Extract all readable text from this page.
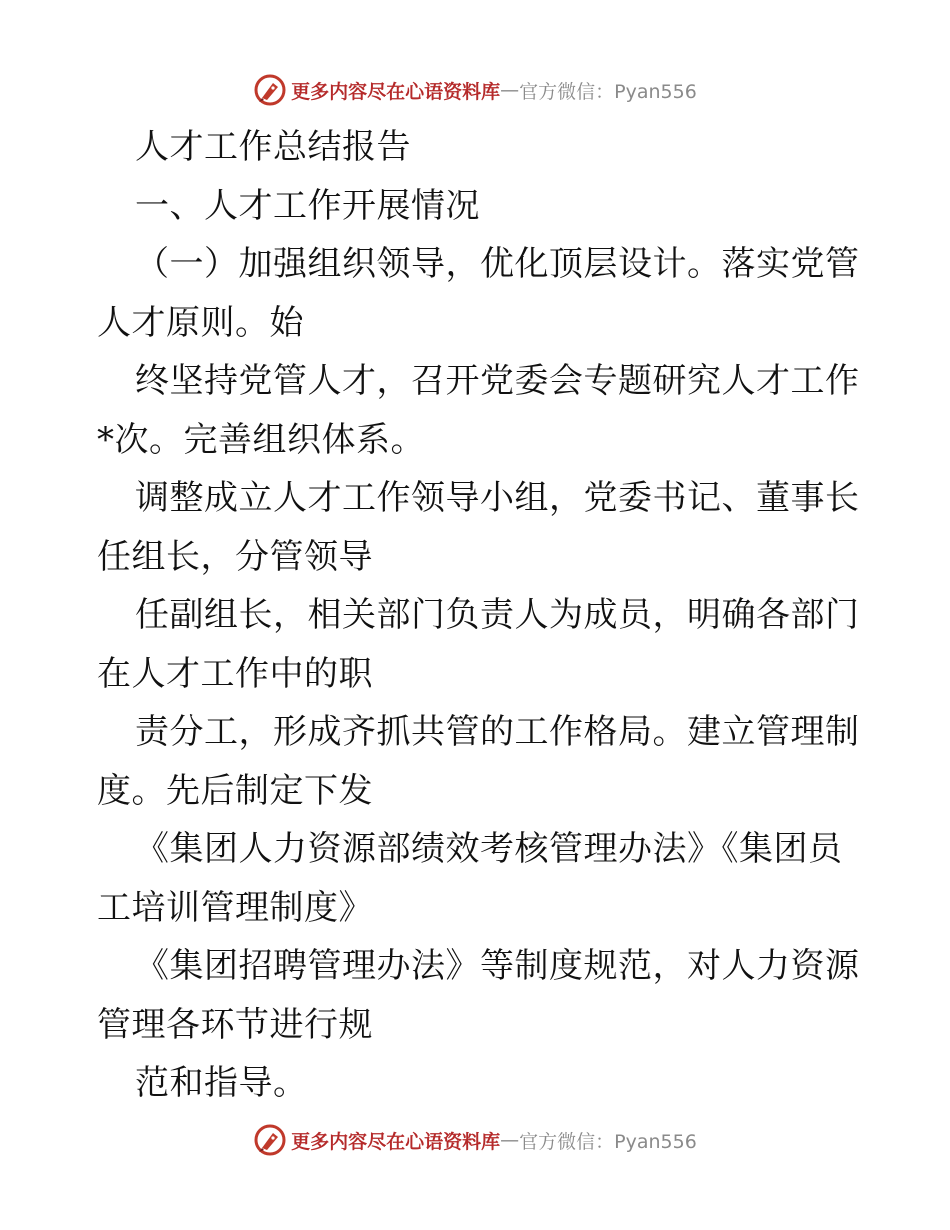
更多内容尽在心语资料库 — 官方微信：Pyan556
人才工作总结报告
一、人才工作开展情况
（一）加强组织领导，优化顶层设计。落实党管
人才原则。始
终坚持党管人才，召开党委会专题研究人才工作
*次。完善组织体系。
调整成立人才工作领导小组，党委书记、董事长
任组长，分管领导
任副组长，相关部门负责人为成员，明确各部门
在人才工作中的职
责分工，形成齐抓共管的工作格局。建立管理制
度。先后制定下发
《集团人力资源部绩效考核管理办法》《集团员
工培训管理制度》
《集团招聘管理办法》等制度规范，对人力资源
管理各环节进行规
范和指导。
更多内容尽在心语资料库 — 官方微信：Pyan556
